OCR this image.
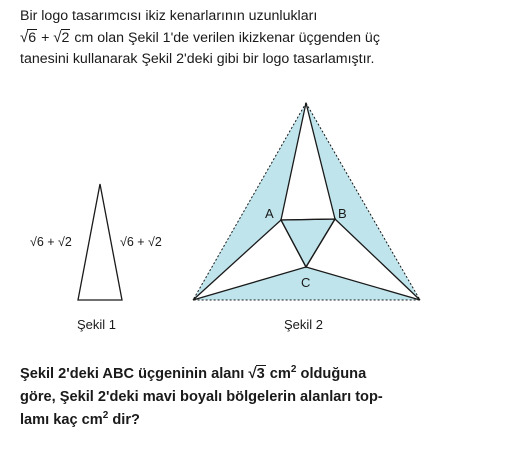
Bir logo tasarımcısı ikiz kenarlarının uzunlukları
√6 + √2 cm olan Şekil 1'de verilen ikizkenar üçgenden üç
tanesini kullanarak Şekil 2'deki gibi bir logo tasarlamıştır.
A	B
C
√6 + √2	√6 + √2
Şekil 1	Şekil 2
Şekil 2'deki ABC üçgeninin alanı √3 $cm^2$ olduğuna
göre, Şekil 2'deki mavi boyalı bölgelerin alanları top-
lamı kaç $cm^2$ dir?
